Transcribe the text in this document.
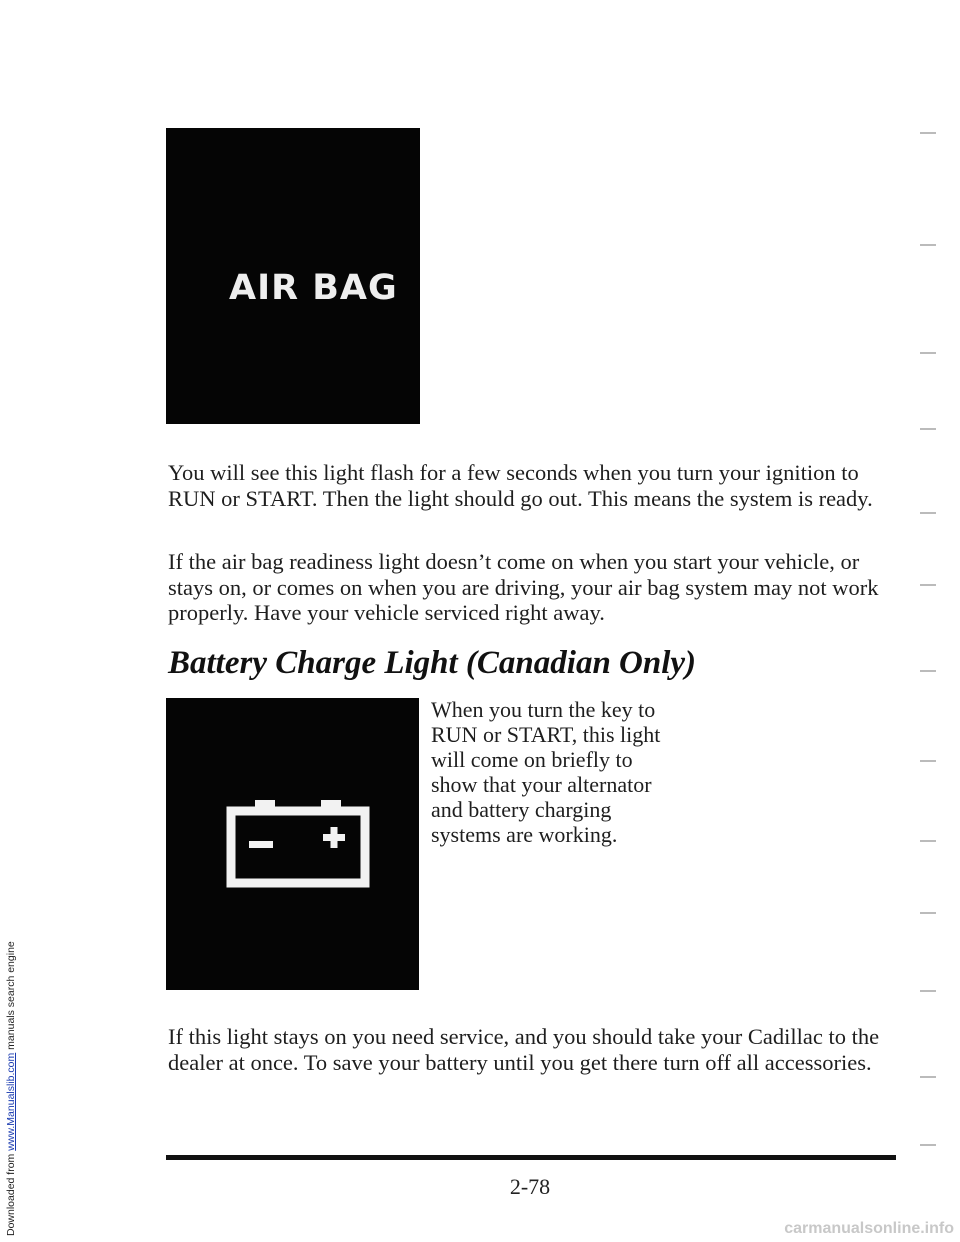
Downloaded from www.Manualslib.com manuals search engine
AIR BAG

You will see this light flash for a few seconds when you turn your ignition to RUN or START. Then the light should go out. This means the system is ready.

If the air bag readiness light doesn’t come on when you start your vehicle, or stays on, or comes on when you are driving, your air bag system may not work properly. Have your vehicle serviced right away.

Battery Charge Light (Canadian Only)

When you turn the key to RUN or START, this light will come on briefly to show that your alternator and battery charging systems are working.

If this light stays on you need service, and you should take your Cadillac to the dealer at once. To save your battery until you get there turn off all accessories.

2-78
carmanualsonline.info
